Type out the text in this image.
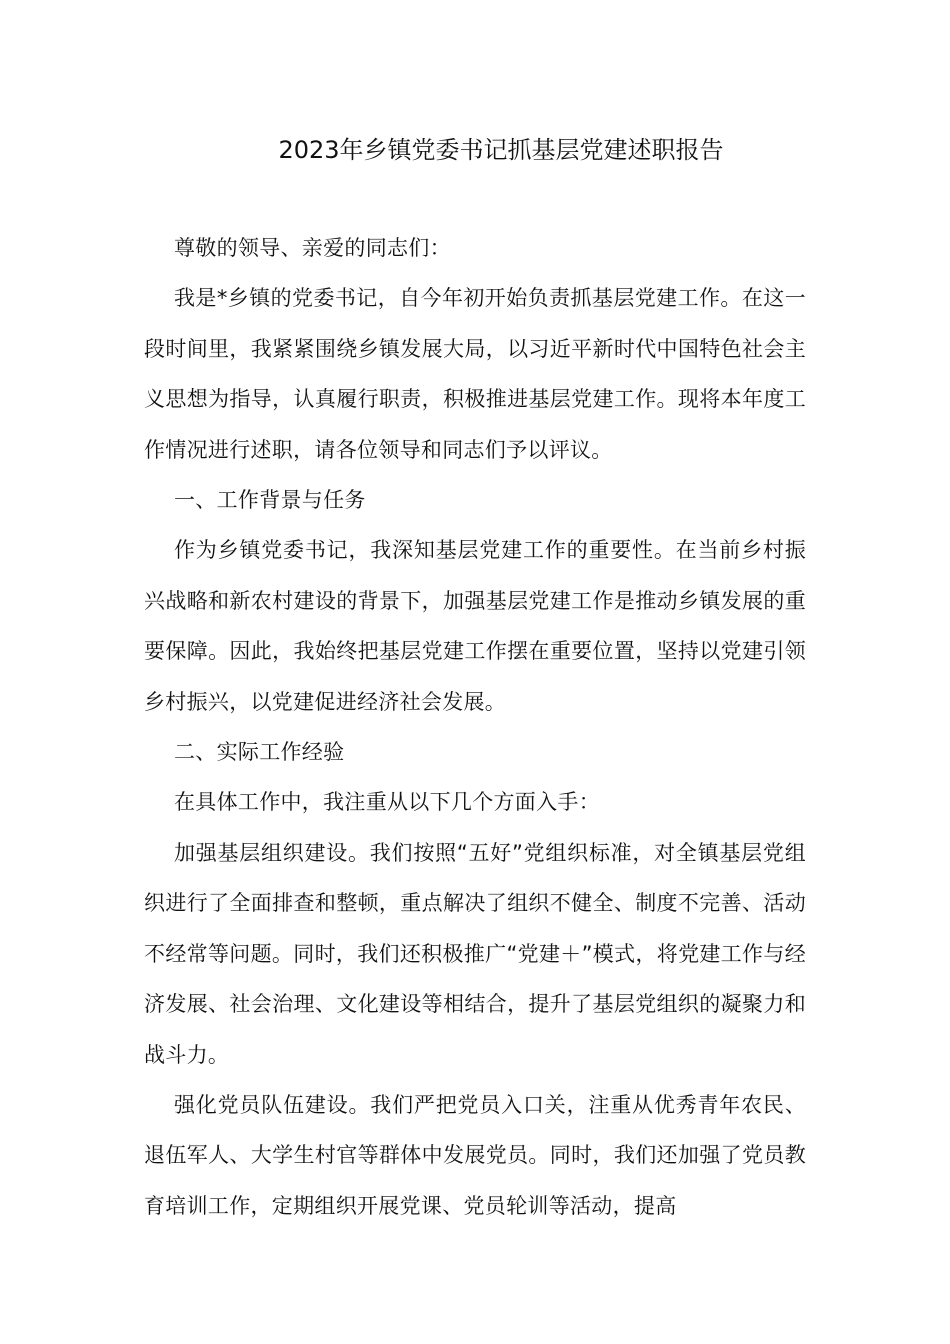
2023年乡镇党委书记抓基层党建述职报告

尊敬的领导、亲爱的同志们：

我是*乡镇的党委书记，自今年初开始负责抓基层党建工作。在这一段时间里，我紧紧围绕乡镇发展大局，以习近平新时代中国特色社会主义思想为指导，认真履行职责，积极推进基层党建工作。现将本年度工作情况进行述职，请各位领导和同志们予以评议。

一、工作背景与任务

作为乡镇党委书记，我深知基层党建工作的重要性。在当前乡村振兴战略和新农村建设的背景下，加强基层党建工作是推动乡镇发展的重要保障。因此，我始终把基层党建工作摆在重要位置，坚持以党建引领乡村振兴，以党建促进经济社会发展。

二、实际工作经验

在具体工作中，我注重从以下几个方面入手：

加强基层组织建设。我们按照“五好”党组织标准，对全镇基层党组织进行了全面排查和整顿，重点解决了组织不健全、制度不完善、活动不经常等问题。同时，我们还积极推广“党建＋”模式，将党建工作与经济发展、社会治理、文化建设等相结合，提升了基层党组织的凝聚力和战斗力。

强化党员队伍建设。我们严把党员入口关，注重从优秀青年农民、退伍军人、大学生村官等群体中发展党员。同时，我们还加强了党员教育培训工作，定期组织开展党课、党员轮训等活动，提高
